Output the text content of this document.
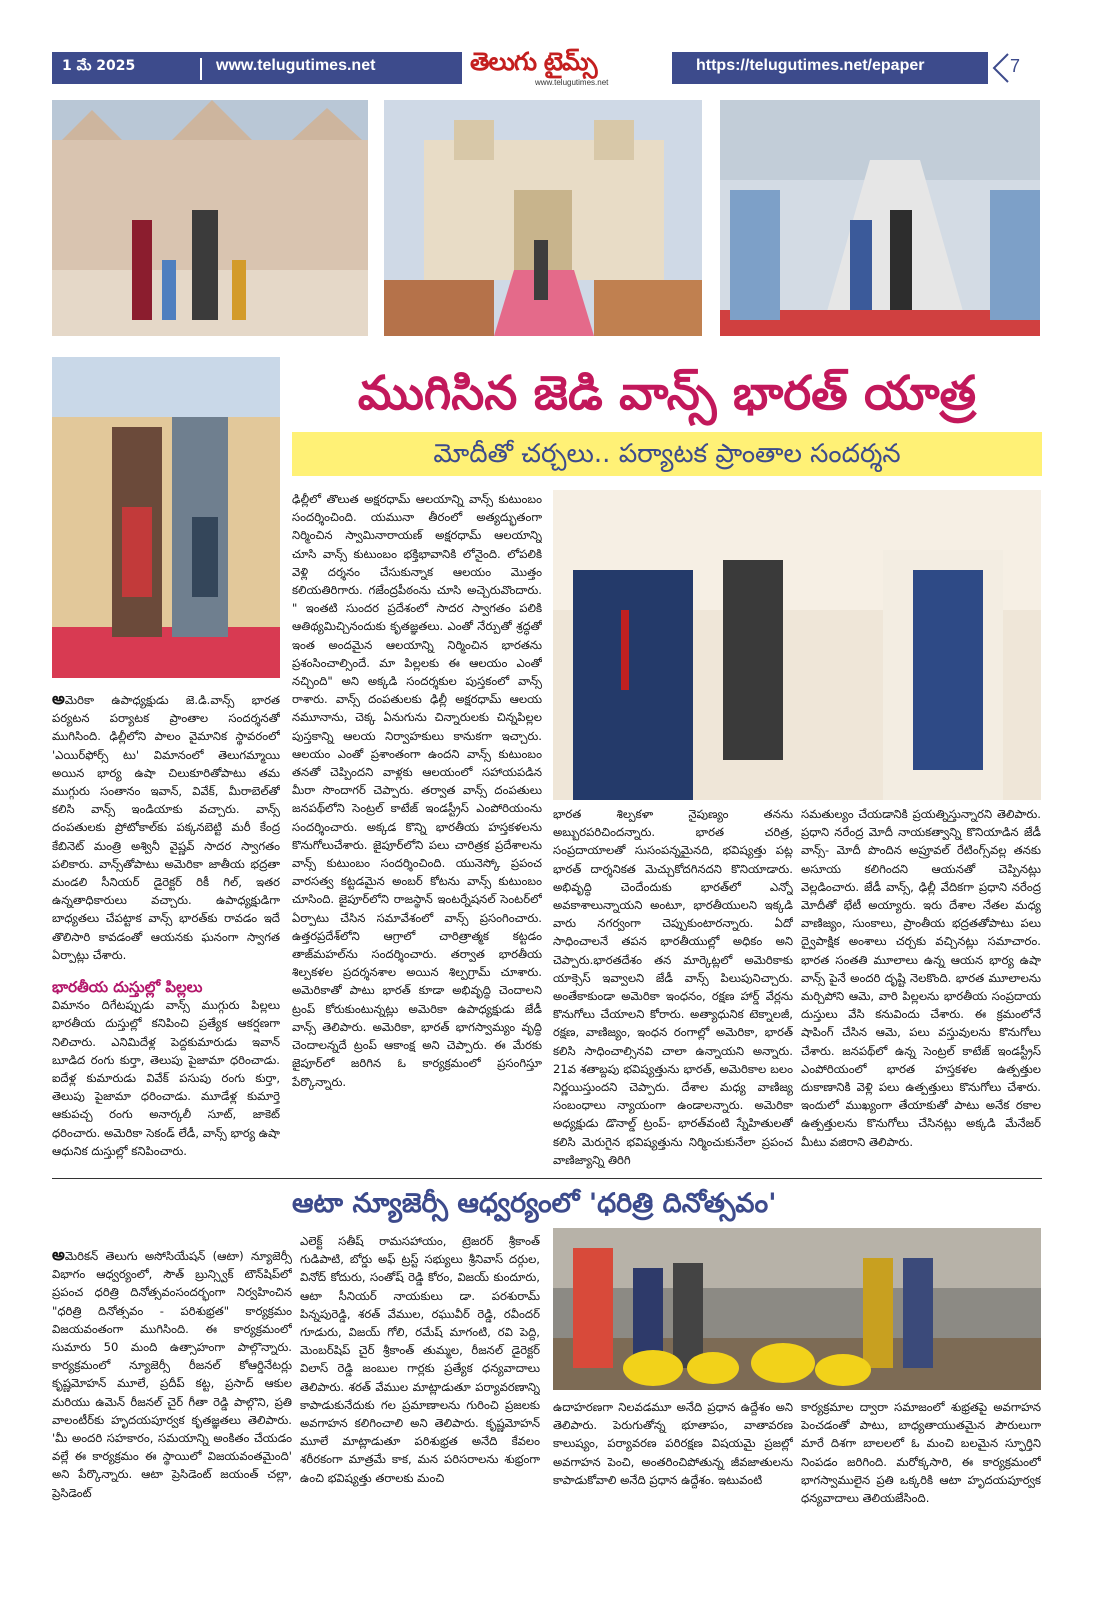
1 మే 2025	www.telugutimes.net	తెలుగు టైమ్స్
www.telugutimes.net
https://telugutimes.net/epaper	7
ముగిసిన జెడి వాన్స్ భారత్ యాత్ర
మోదీతో చర్చలు.. పర్యాటక ప్రాంతాల సందర్శన

అమెరికా ఉపాధ్యక్షుడు జె.డి.వాన్స్ భారత పర్యటన పర్యాటక ప్రాంతాల సందర్శనతో ముగిసింది. ఢిల్లీలోని పాలం వైమానిక స్థావరంలో 'ఎయిర్‌ఫోర్స్ టు' విమానంలో తెలుగమ్మాయి అయిన భార్య ఉషా చిలుకూరితోపాటు తమ ముగ్గురు సంతానం ఇవాన్, వివేక్, మీరాబెల్‌తో కలిసి వాన్స్ ఇండియాకు వచ్చారు. వాన్స్ దంపతులకు ప్రోటోకాల్‌కు పక్కనబెట్టి మరీ కేంద్ర కేబినెట్ మంత్రి అశ్వినీ వైష్ణవ్ సాదర స్వాగతం పలికారు. వాన్స్‌తోపాటు అమెరికా జాతీయ భద్రతా మండలి సీనియర్ డైరెక్టర్ రికీ గిల్, ఇతర ఉన్నతాధికారులు వచ్చారు. ఉపాధ్యక్షుడిగా బాధ్యతలు చేపట్టాక వాన్స్ భారత్‌కు రావడం ఇదే తొలిసారి కావడంతో ఆయనకు ఘనంగా స్వాగత ఏర్పాట్లు చేశారు.

భారతీయ దుస్తుల్లో పిల్లలు

విమానం దిగేటప్పుడు వాన్స్ ముగ్గురు పిల్లలు భారతీయ దుస్తుల్లో కనిపించి ప్రత్యేక ఆకర్షణగా నిలిచారు. ఎనిమిదేళ్ల పెద్దకుమారుడు ఇవాన్ బూడిద రంగు కుర్తా, తెలుపు పైజామా ధరించాడు. ఐదేళ్ల కుమారుడు వివేక్ పసుపు రంగు కుర్తా, తెలుపు పైజామా ధరించాడు. మూడేళ్ల కుమార్తె ఆకుపచ్చ రంగు అనార్కలీ సూట్, జాకెట్ ధరించారు. అమెరికా సెకండ్ లేడీ, వాన్స్ భార్య ఉషా ఆధునిక దుస్తుల్లో కనిపించారు.

ఢిల్లీలో తొలుత అక్షరధామ్ ఆలయాన్ని వాన్స్ కుటుంబం సందర్శించింది. యమునా తీరంలో అత్యద్భుతంగా నిర్మించిన స్వామినారాయణ్ అక్షరధామ్ ఆలయాన్ని చూసి వాన్స్ కుటుంబం భక్తిభావానికి లోనైంది. లోపలికి వెళ్లి దర్శనం చేసుకున్నాక ఆలయం మొత్తం కలియతిరిగారు. గజేంద్రపీఠంను చూసి అచ్చెరువొందారు. " ఇంతటి సుందర ప్రదేశంలో సాదర స్వాగతం పలికి ఆతిథ్యమిచ్చినందుకు కృతజ్ఞతలు. ఎంతో నేర్పుతో శ్రద్ధతో ఇంత అందమైన ఆలయాన్ని నిర్మించిన భారతను ప్రశంసించాల్సిందే. మా పిల్లలకు ఈ ఆలయం ఎంతో నచ్చింది" అని అక్కడి సందర్శకుల పుస్తకంలో వాన్స్ రాశారు. వాన్స్ దంపతులకు ఢిల్లీ అక్షరధామ్ ఆలయ నమూనాను, చెక్క ఏనుగును చిన్నారులకు చిన్నపిల్లల పుస్తకాన్ని ఆలయ నిర్వాహకులు కానుకగా ఇచ్చారు. ఆలయం ఎంతో ప్రశాంతంగా ఉందని వాన్స్ కుటుంబం తనతో చెప్పిందని వాళ్లకు ఆలయంలో సహాయపడిన మీరా సొందాగర్ చెప్పారు. తర్వాత వాన్స్ దంపతులు జనపథ్‌లోని సెంట్రల్ కాటేజ్ ఇండస్ట్రీస్ ఎంపోరియంను సందర్శించారు. అక్కడ కొన్ని భారతీయ హస్తకళలను కొనుగోలుచేశారు. జైపూర్‌లోని పలు చారిత్రక ప్రదేశాలను వాన్స్ కుటుంబం సందర్శించింది. యునెస్కో ప్రపంచ వారసత్వ కట్టడమైన అంబర్ కోటను వాన్స్ కుటుంబం చూసింది. జైపూర్‌లోని రాజస్థాన్ ఇంటర్నేషనల్ సెంటర్‌లో ఏర్పాటు చేసిన సమావేశంలో వాన్స్ ప్రసంగించారు. ఉత్తరప్రదేశ్‌లోని ఆగ్రాలో చారిత్రాత్మక కట్టడం తాజ్‌మహల్‌ను సందర్శించారు. తర్వాత భారతీయ శిల్పకళల ప్రదర్శనశాల అయిన శిల్పగ్రామ్ చూశారు. అమెరికాతో పాటు భారత్ కూడా అభివృద్ధి చెందాలని ట్రంప్ కోరుకుంటున్నట్లు అమెరికా ఉపాధ్యక్షుడు జేడీ వాన్స్ తెలిపారు. అమెరికా, భారత్ భాగస్వామ్యం వృద్ధి చెందాలన్నదే ట్రంప్ ఆకాంక్ష అని చెప్పారు. ఈ మేరకు జైపూర్‌లో జరిగిన ఓ కార్యక్రమంలో ప్రసంగిస్తూ పేర్కొన్నారు.

భారత శిల్పకళా నైపుణ్యం తనను అబ్బురపరిచిందన్నారు. భారత చరిత్ర, సంప్రదాయాలతో సుసంపన్నమైనది, భవిష్యత్తు పట్ల భారత్ దార్శనికత మెచ్చుకోదగినదని కొనియాడారు. అభివృద్ధి చెందేందుకు భారత్‌లో ఎన్నో అవకాశాలున్నాయని అంటూ, భారతీయులని ఇక్కడి వారు నగర్వంగా చెప్పుకుంటారన్నారు. ఏదో సాధించాలనే తపన భారతీయుల్లో అధికం అని చెప్పారు.భారతదేశం తన మార్కెట్లలో అమెరికాకు యాక్సెస్ ఇవ్వాలని జేడీ వాన్స్ పిలుపునిచ్చారు. అంతేకాకుండా అమెరికా ఇంధనం, రక్షణ హార్డ్ వేర్లను కొనుగోలు చేయాలని కోరారు. అత్యాధునిక టెక్నాలజీ, రక్షణ, వాణిజ్యం, ఇంధన రంగాల్లో అమెరికా, భారత్ కలిసి సాధించాల్సినవి చాలా ఉన్నాయని అన్నారు. 21వ శతాబ్దపు భవిష్యత్తును భారత్, అమెరికాల బలం నిర్ణయిస్తుందని చెప్పారు. దేశాల మధ్య వాణిజ్య సంబంధాలు న్యాయంగా ఉండాలన్నారు. అమెరికా అధ్యక్షుడు డొనాల్డ్ ట్రంప్- భారత్‌వంటి స్నేహితులతో కలిసి మెరుగైన భవిష్యత్తును నిర్మించుకునేలా ప్రపంచ వాణిజ్యాన్ని తిరిగి

సమతుల్యం చేయడానికి ప్రయత్నిస్తున్నారని తెలిపారు. ప్రధాని నరేంద్ర మోదీ నాయకత్వాన్ని కొనియాడిన జేడీ వాన్స్- మోదీ పొందిన అప్రూవల్ రేటింగ్స్‌వల్ల తనకు అసూయ కలిగిందని ఆయనతో చెప్పినట్లు వెల్లడించారు. జేడీ వాన్స్, ఢిల్లీ వేదికగా ప్రధాని నరేంద్ర మోదీతో భేటీ అయ్యారు. ఇరు దేశాల నేతల మధ్య వాణిజ్యం, సుంకాలు, ప్రాంతీయ భద్రతతోపాటు పలు ద్వైపాక్షిక అంశాలు చర్చకు వచ్చినట్లు సమాచారం. భారత సంతతి మూలాలు ఉన్న ఆయన భార్య ఉషా వాన్స్ పైనే అందరి దృష్టి నెలకొంది. భారత మూలాలను మర్చిపోని ఆమె, వారి పిల్లలను భారతీయ సంప్రదాయ దుస్తులు వేసి కనువిందు చేశారు. ఈ క్రమంలోనే షాపింగ్ చేసిన ఆమె, పలు వస్తువులను కొనుగోలు చేశారు. జనపథ్‌లో ఉన్న సెంట్రల్ కాటేజ్ ఇండస్ట్రీస్ ఎంపోరియంలో భారత హస్తకళల ఉత్పత్తుల దుకాణానికి వెళ్లి పలు ఉత్పత్తులు కొనుగోలు చేశారు. ఇందులో ముఖ్యంగా తేయాకుతో పాటు అనేక రకాల ఉత్పత్తులను కొనుగోలు చేసినట్లు అక్కడి మేనేజర్ మీటు వజిరాని తెలిపారు.

ఆటా న్యూజెర్సీ ఆధ్వర్యంలో 'ధరిత్రి దినోత్సవం'

అమెరికన్ తెలుగు అసోసియేషన్ (ఆటా) న్యూజెర్సీ విభాగం ఆధ్వర్యంలో, సౌత్ బ్రున్స్విక్ టౌన్‌షిప్‌లో ప్రపంచ ధరిత్రి దినోత్సవంసందర్భంగా నిర్వహించిన "ధరిత్రి దినోత్సవం - పరిశుభ్రత" కార్యక్రమం విజయవంతంగా ముగిసింది. ఈ కార్యక్రమంలో సుమారు 50 మంది ఉత్సాహంగా పాల్గొన్నారు. కార్యక్రమంలో న్యూజెర్సీ రీజనల్ కోఆర్డినేటర్లు కృష్ణమోహన్ మూలే, ప్రదీప్ కట్ట, ప్రసాద్ ఆకుల మరియు ఉమెన్ రీజనల్ చైర్ గీతా రెడ్డి పాల్గొని, ప్రతి వాలంటీర్‌కు హృదయపూర్వక కృతజ్ఞతలు తెలిపారు. 'మీ అందరి సహకారం, సమయాన్ని అంకితం చేయడం వల్లే ఈ కార్యక్రమం ఈ స్థాయిలో విజయవంతమైంది' అని పేర్కొన్నారు. ఆటా ప్రెసిడెంట్ జయంత్ చల్లా, ప్రెసిడెంట్

ఎలెక్ట్ సతీష్ రామసహాయం, ట్రెజరర్ శ్రీకాంత్ గుడిపాటి, బోర్డు అఫ్ ట్రస్ట్ సభ్యులు శ్రీనివాస్ దర్గుల, వినోద్ కోదురు, సంతోష్ రెడ్డి కోరం, విజయ్ కుందూరు, ఆటా సీనియర్ నాయకులు డా. పరశురామ్ పిన్నపురెడ్డి, శరత్ వేముల, రఘువీర్ రెడ్డి, రవీందర్ గూడురు, విజయ్ గోలి, రమేష్ మాగంటి, రవి పెద్ది, మెంబర్‌షిప్ చైర్ శ్రీకాంత్ తుమ్మల, రీజనల్ డైరెక్టర్ విలాస్ రెడ్డి జంబుల గార్లకు ప్రత్యేక ధన్యవాదాలు తెలిపారు. శరత్ వేముల మాట్లాడుతూ పర్యావరణాన్ని కాపాడుకునేదుకు గల ప్రమాణాలను గురించి ప్రజలకు అవగాహన కలిగించాలి అని తెలిపారు. కృష్ణమోహన్ మూలే మాట్లాడుతూ పరిశుభ్రత అనేది కేవలం శరీరకంగా మాత్రమే కాక, మన పరిసరాలను శుభ్రంగా ఉంచి భవిష్యత్తు తరాలకు మంచి

ఉదాహరణగా నిలవడమూ అనేది ప్రధాన ఉద్దేశం అని తెలిపారు. పెరుగుతోన్న భూతాపం, వాతావరణ కాలుష్యం, పర్యావరణ పరిరక్షణ విషయమై ప్రజల్లో అవగాహన పెంచి, అంతరించిపోతున్న జీవజాతులను కాపాడుకోవాలి అనేది ప్రధాన ఉద్దేశం. ఇటువంటి

కార్యక్రమాల ద్వారా సమాజంలో శుభ్రతపై అవగాహన పెంచడంతో పాటు, బాధ్యతాయుతమైన పౌరులుగా మారే దిశగా బాలలలో ఓ మంచి బలమైన స్ఫూర్తిని నింపడం జరిగింది. మరోక్కసారి, ఈ కార్యక్రమంలో భాగస్వాములైన ప్రతి ఒక్కరికి ఆటా హృదయపూర్వక ధన్యవాదాలు తెలియజేసింది.
